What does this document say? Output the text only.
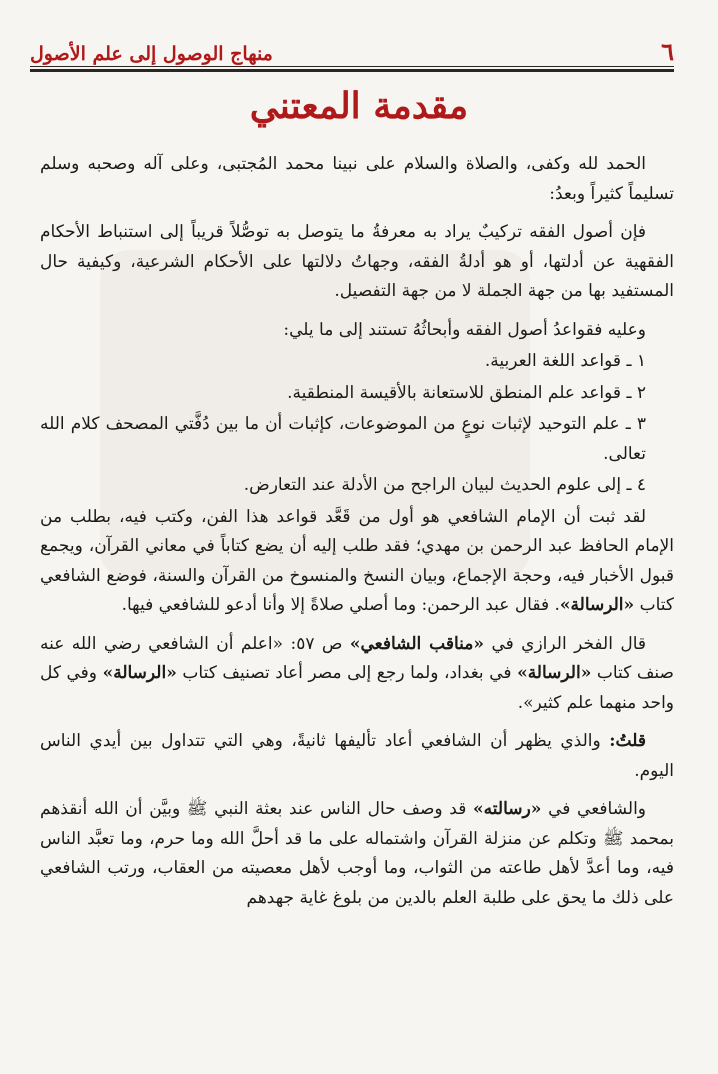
٦
منهاج الوصول إلى علم الأصول
مقدمة المعتني

الحمد لله وكفى، والصلاة والسلام على نبينا محمد المُجتبى، وعلى آله وصحبه وسلم تسليماً كثيراً وبعدُ:

فإن أصول الفقه تركيبٌ يراد به معرفةُ ما يتوصل به توصُّلاً قريباً إلى استنباط الأحكام الفقهية عن أدلتها، أو هو أدلةُ الفقه، وجهاتُ دلالتها على الأحكام الشرعية، وكيفية حال المستفيد بها من جهة الجملة لا من جهة التفصيل.

وعليه فقواعدُ أصول الفقه وأبحاثُهُ تستند إلى ما يلي:

١ ـ قواعد اللغة العربية.

٢ ـ قواعد علم المنطق للاستعانة بالأقيسة المنطقية.

٣ ـ علم التوحيد لإثبات نوعٍ من الموضوعات، كإثبات أن ما بين دُفَّتي المصحف كلام الله تعالى.

٤ ـ إلى علوم الحديث لبيان الراجح من الأدلة عند التعارض.

لقد ثبت أن الإمام الشافعي هو أول من قَعَّد قواعد هذا الفن، وكتب فيه، بطلب من الإمام الحافظ عبد الرحمن بن مهدي؛ فقد طلب إليه أن يضع كتاباً في معاني القرآن، ويجمع قبول الأخبار فيه، وحجة الإجماع، وبيان النسخ والمنسوخ من القرآن والسنة، فوضع الشافعي كتاب «الرسالة». فقال عبد الرحمن: وما أصلي صلاةً إلا وأنا أدعو للشافعي فيها.

قال الفخر الرازي في «مناقب الشافعي» ص ٥٧: «اعلم أن الشافعي رضي الله عنه صنف كتاب «الرسالة» في بغداد، ولما رجع إلى مصر أعاد تصنيف كتاب «الرسالة» وفي كل واحد منهما علم كثير».

قلتُ: والذي يظهر أن الشافعي أعاد تأليفها ثانيةً، وهي التي تتداول بين أيدي الناس اليوم.

والشافعي في «رسالته» قد وصف حال الناس عند بعثة النبي ﷺ وبيَّن أن الله أنقذهم بمحمد ﷺ وتكلم عن منزلة القرآن واشتماله على ما قد أحلَّ الله وما حرم، وما تعبَّد الناس فيه، وما أعدَّ لأهل طاعته من الثواب، وما أوجب لأهل معصيته من العقاب، ورتب الشافعي على ذلك ما يحق على طلبة العلم بالدين من بلوغ غاية جهدهم
